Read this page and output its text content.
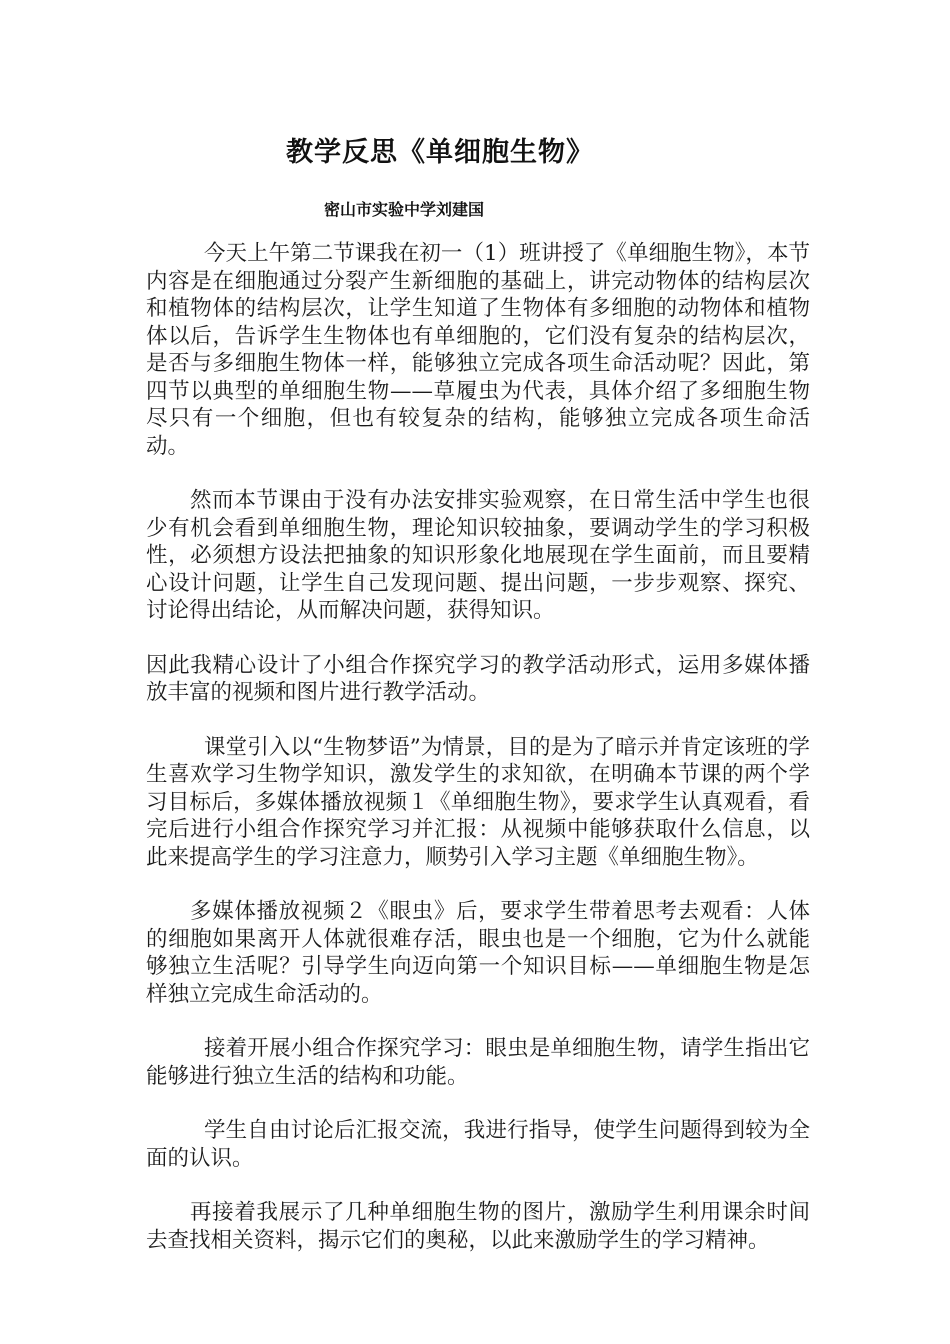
教学反思《单细胞生物》
密山市实验中学刘建国

今天上午第二节课我在初一（1）班讲授了《单细胞生物》，本节内容是在细胞通过分裂产生新细胞的基础上，讲完动物体的结构层次和植物体的结构层次，让学生知道了生物体有多细胞的动物体和植物体以后，告诉学生生物体也有单细胞的，它们没有复杂的结构层次，是否与多细胞生物体一样，能够独立完成各项生命活动呢？因此，第四节以典型的单细胞生物——草履虫为代表，具体介绍了多细胞生物尽只有一个细胞，但也有较复杂的结构，能够独立完成各项生命活动。

然而本节课由于没有办法安排实验观察，在日常生活中学生也很少有机会看到单细胞生物，理论知识较抽象，要调动学生的学习积极性，必须想方设法把抽象的知识形象化地展现在学生面前，而且要精心设计问题，让学生自己发现问题、提出问题，一步步观察、探究、讨论得出结论，从而解决问题，获得知识。

因此我精心设计了小组合作探究学习的教学活动形式，运用多媒体播放丰富的视频和图片进行教学活动。

课堂引入以“生物梦语”为情景，目的是为了暗示并肯定该班的学生喜欢学习生物学知识，激发学生的求知欲，在明确本节课的两个学习目标后，多媒体播放视频１《单细胞生物》，要求学生认真观看，看完后进行小组合作探究学习并汇报：从视频中能够获取什么信息，以此来提高学生的学习注意力，顺势引入学习主题《单细胞生物》。

多媒体播放视频２《眼虫》后，要求学生带着思考去观看：人体的细胞如果离开人体就很难存活，眼虫也是一个细胞，它为什么就能够独立生活呢？引导学生向迈向第一个知识目标——单细胞生物是怎样独立完成生命活动的。

接着开展小组合作探究学习：眼虫是单细胞生物，请学生指出它能够进行独立生活的结构和功能。

学生自由讨论后汇报交流，我进行指导，使学生问题得到较为全面的认识。

再接着我展示了几种单细胞生物的图片，激励学生利用课余时间去查找相关资料，揭示它们的奥秘，以此来激励学生的学习精神。
